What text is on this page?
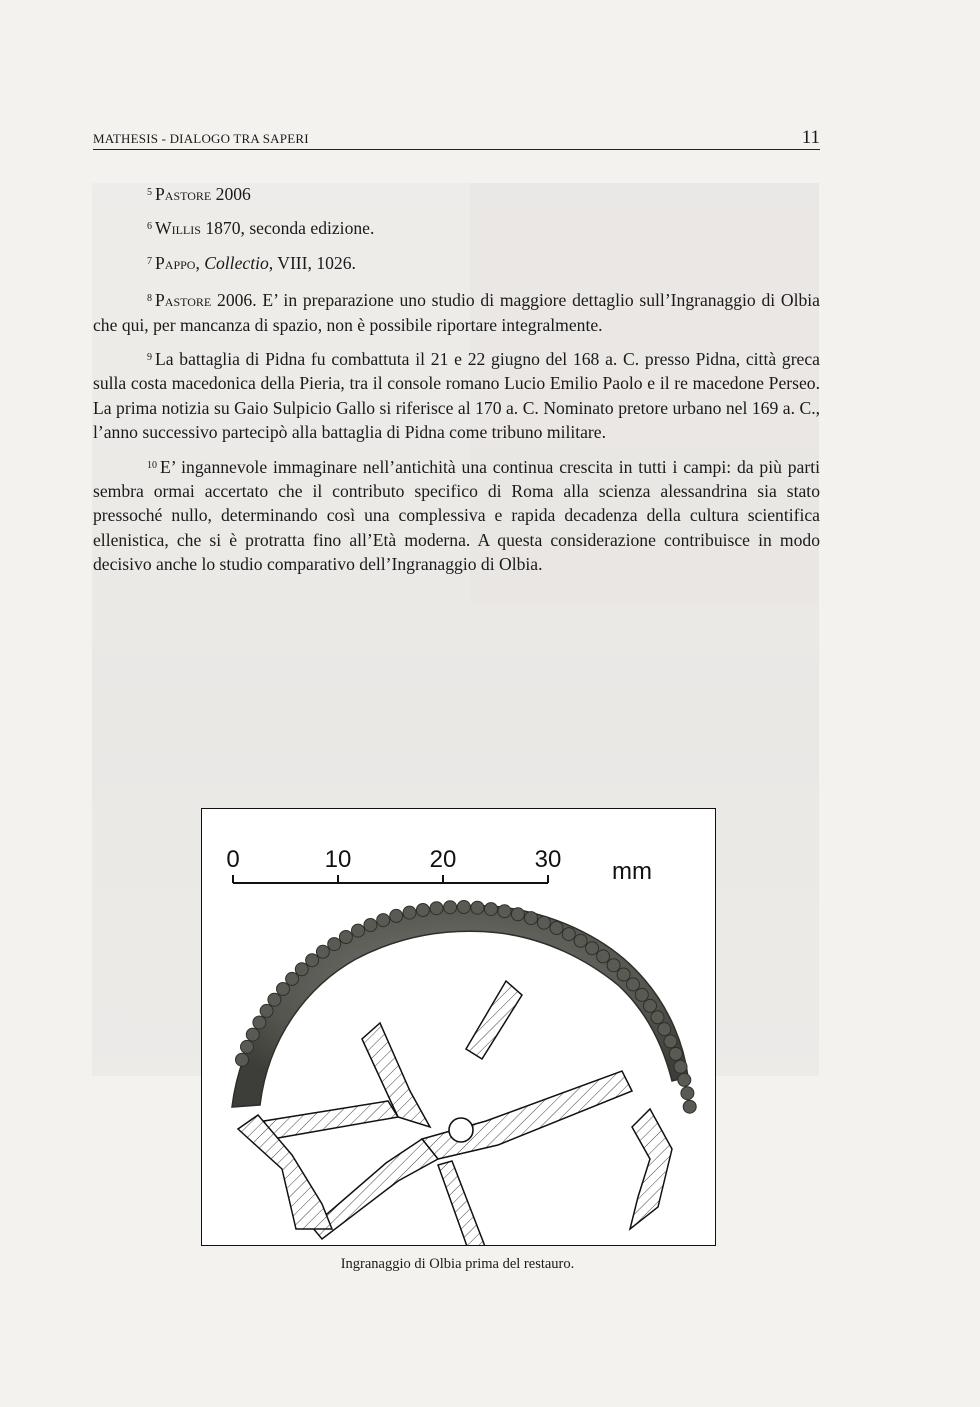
MATHESIS - DIALOGO TRA SAPERI	11

$^5$ Pastore 2006

$^6$ Willis 1870, seconda edizione.

$^7$ Pappo, Collectio, VIII, 1026.

$^8$ Pastore 2006. E’ in preparazione uno studio di maggiore dettaglio sull’Ingranaggio di Olbia che qui, per mancanza di spazio, non è possibile riportare integralmente.

$^9$ La battaglia di Pidna fu combattuta il 21 e 22 giugno del 168 a. C. presso Pidna, città greca sulla costa macedonica della Pieria, tra il console romano Lucio Emilio Paolo e il re macedone Perseo. La prima notizia su Gaio Sulpicio Gallo si riferisce al 170 a. C. Nominato pretore urbano nel 169 a. C., l’anno successivo partecipò alla battaglia di Pidna come tribuno militare.

$^{10}$ E’ ingannevole immaginare nell’antichità una continua crescita in tutti i campi: da più parti sembra ormai accertato che il contributo specifico di Roma alla scienza alessandrina sia stato pressoché nullo, determinando così una complessiva e rapida decadenza della cultura scientifica ellenistica, che si è protratta fino all’Età moderna. A questa considerazione contribuisce in modo decisivo anche lo studio comparativo dell’Ingranaggio di Olbia.

0	10	20	30 mm
Ingranaggio di Olbia prima del restauro.
